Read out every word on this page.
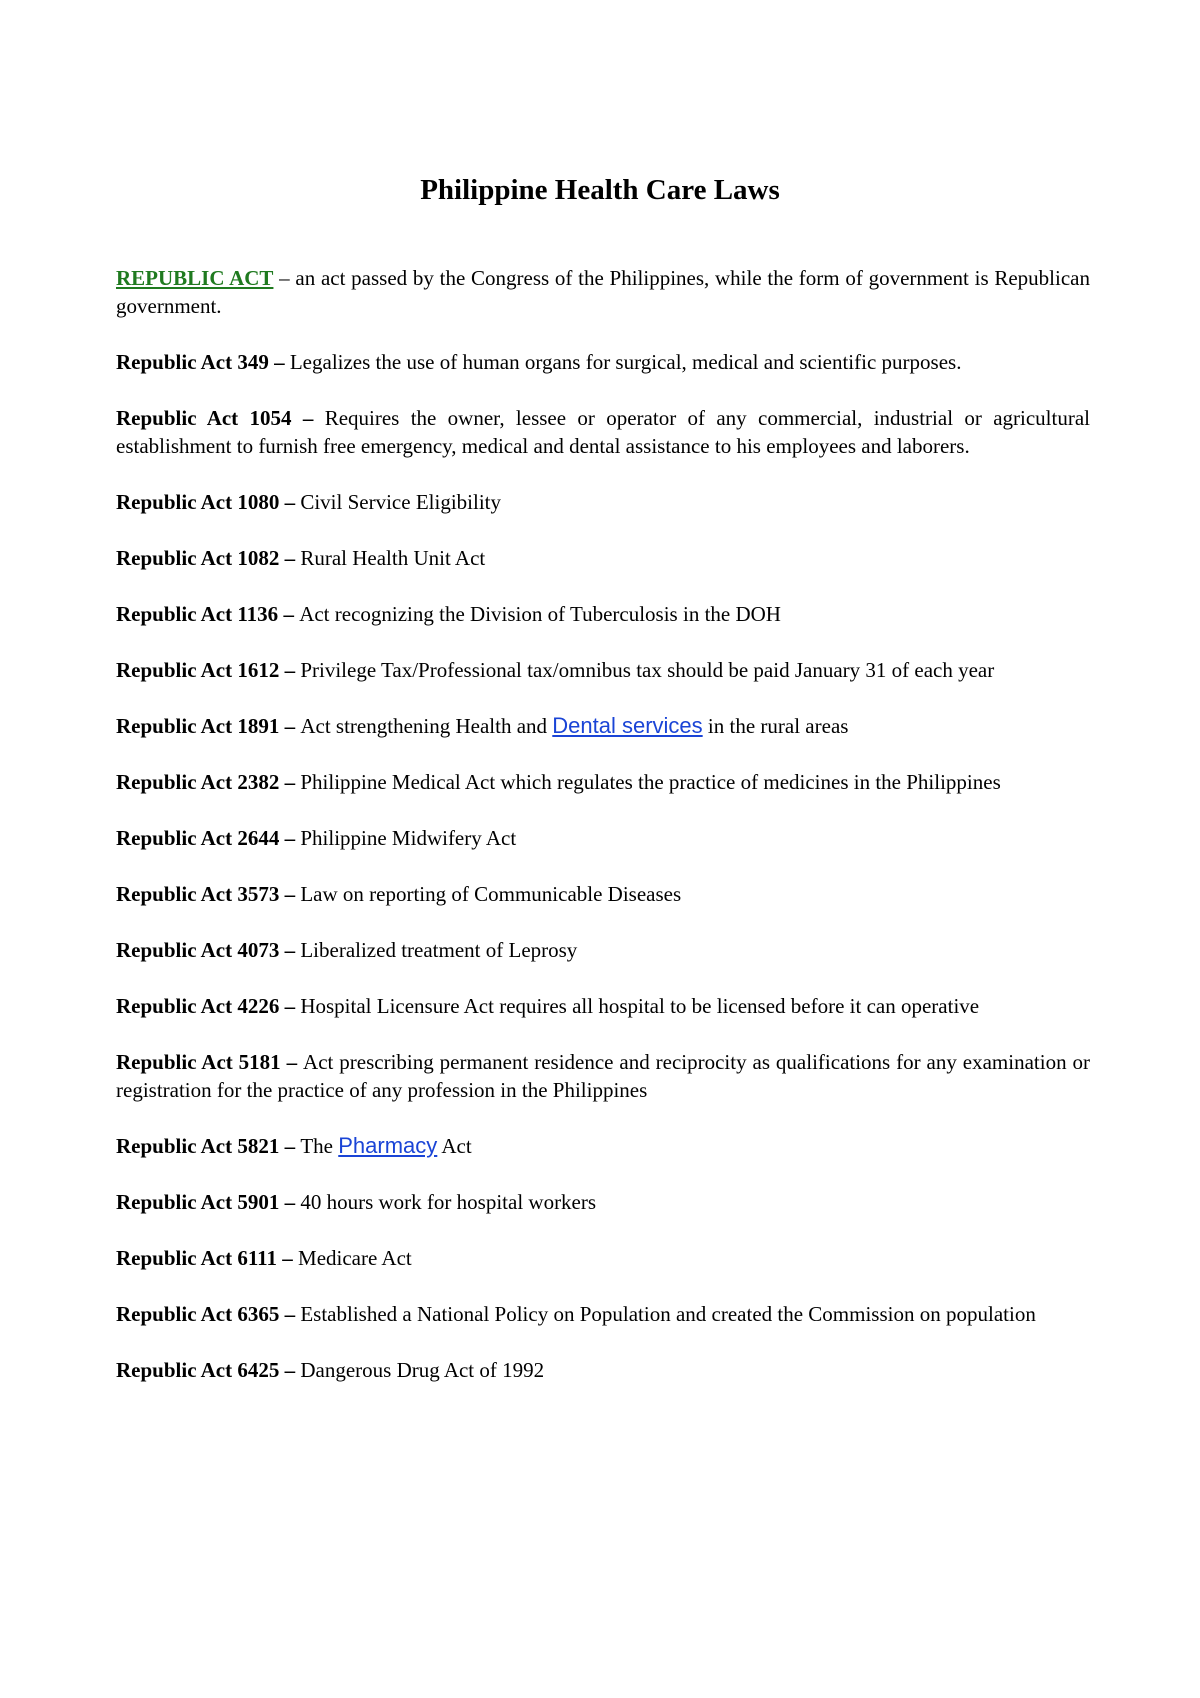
Philippine Health Care Laws

REPUBLIC ACT – an act passed by the Congress of the Philippines, while the form of government is Republican government.

Republic Act 349 – Legalizes the use of human organs for surgical, medical and scientific purposes.

Republic Act 1054 – Requires the owner, lessee or operator of any commercial, industrial or agricultural establishment to furnish free emergency, medical and dental assistance to his employees and laborers.

Republic Act 1080 – Civil Service Eligibility

Republic Act 1082 – Rural Health Unit Act

Republic Act 1136 – Act recognizing the Division of Tuberculosis in the DOH

Republic Act 1612 – Privilege Tax/Professional tax/omnibus tax should be paid January 31 of each year

Republic Act 1891 – Act strengthening Health and Dental services in the rural areas

Republic Act 2382 – Philippine Medical Act which regulates the practice of medicines in the Philippines

Republic Act 2644 – Philippine Midwifery Act

Republic Act 3573 – Law on reporting of Communicable Diseases

Republic Act 4073 – Liberalized treatment of Leprosy

Republic Act 4226 – Hospital Licensure Act requires all hospital to be licensed before it can operative

Republic Act 5181 – Act prescribing permanent residence and reciprocity as qualifications for any examination or registration for the practice of any profession in the Philippines

Republic Act 5821 – The Pharmacy Act

Republic Act 5901 – 40 hours work for hospital workers

Republic Act 6111 – Medicare Act

Republic Act 6365 – Established a National Policy on Population and created the Commission on population

Republic Act 6425 – Dangerous Drug Act of 1992
